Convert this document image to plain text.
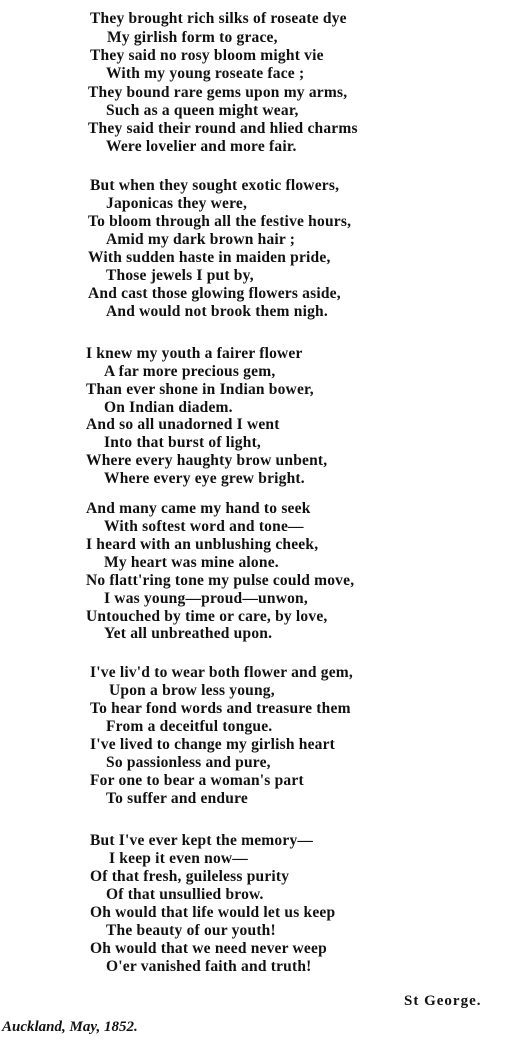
They brought rich silks of roseate dye
My girlish form to grace,
They said no rosy bloom might vie
With my young roseate face ;
They bound rare gems upon my arms,
Such as a queen might wear,
They said their round and hlied charms
Were lovelier and more fair.
But when they sought exotic flowers,
Japonicas they were,
To bloom through all the festive hours,
Amid my dark brown hair ;
With sudden haste in maiden pride,
Those jewels I put by,
And cast those glowing flowers aside,
And would not brook them nigh.
I knew my youth a fairer flower
A far more precious gem,
Than ever shone in Indian bower,
On Indian diadem.
And so all unadorned I went
Into that burst of light,
Where every haughty brow unbent,
Where every eye grew bright.
And many came my hand to seek
With softest word and tone—
I heard with an unblushing cheek,
My heart was mine alone.
No flatt'ring tone my pulse could move,
I was young—proud—unwon,
Untouched by time or care, by love,
Yet all unbreathed upon.
I've liv'd to wear both flower and gem,
Upon a brow less young,
To hear fond words and treasure them
From a deceitful tongue.
I've lived to change my girlish heart
So passionless and pure,
For one to bear a woman's part
To suffer and endure
But I've ever kept the memory—
I keep it even now—
Of that fresh, guileless purity
Of that unsullied brow.
Oh would that life would let us keep
The beauty of our youth!
Oh would that we need never weep
O'er vanished faith and truth!
St George.
Auckland, May, 1852.
